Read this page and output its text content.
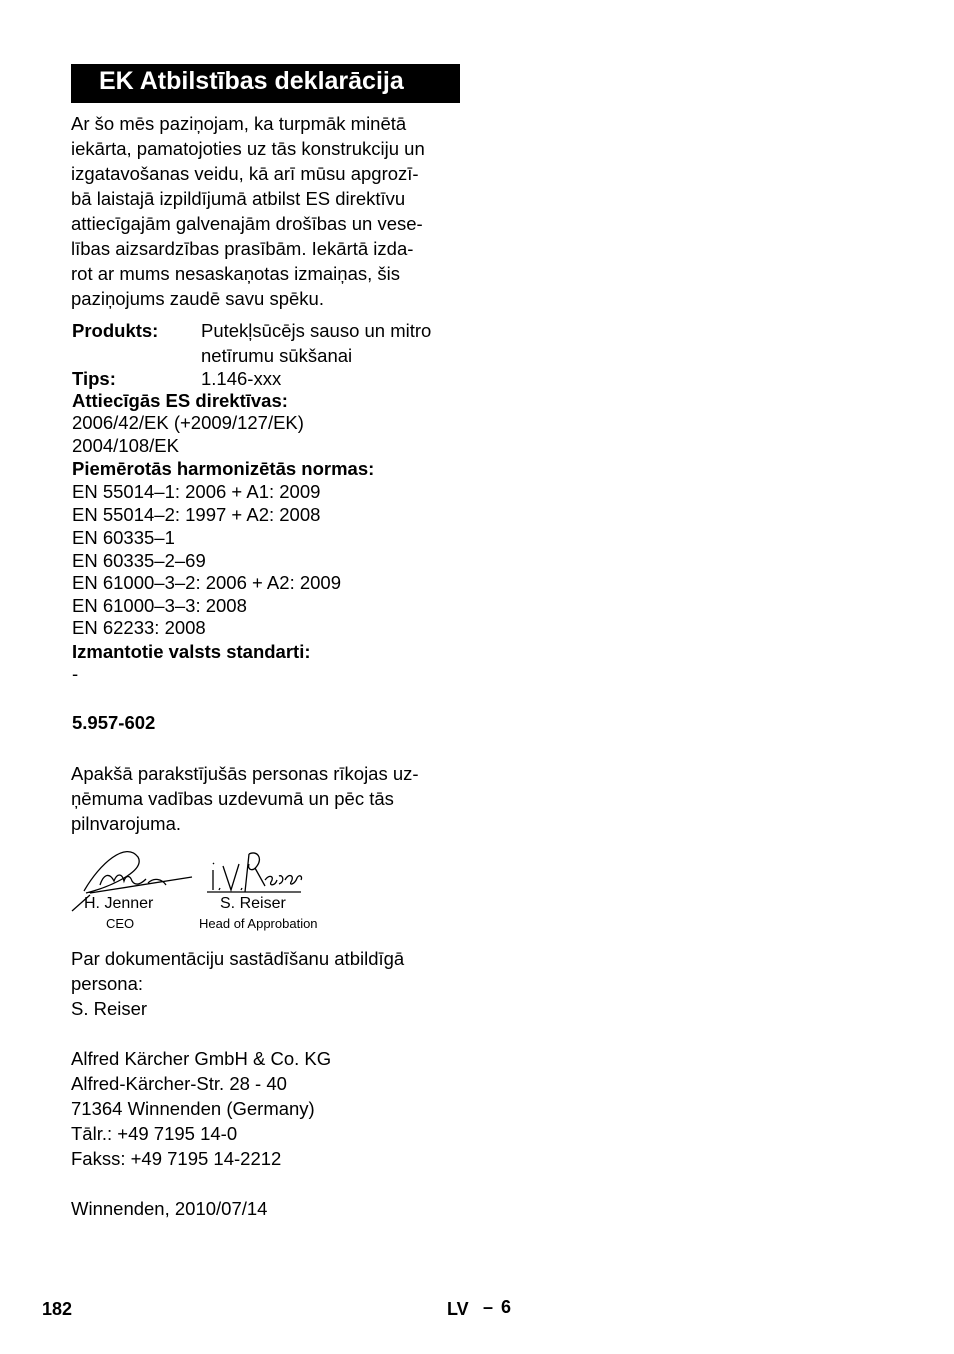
EK Atbilstības deklarācija
Ar šo mēs paziņojam, ka turpmāk minētā
iekārta, pamatojoties uz tās konstrukciju un
izgatavošanas veidu, kā arī mūsu apgrozī-
bā laistajā izpildījumā atbilst ES direktīvu
attiecīgajām galvenajām drošības un vese-
lības aizsardzības prasībām. Iekārtā izda-
rot ar mums nesaskaņotas izmaiņas, šis
paziņojums zaudē savu spēku.
Produkts: Putekļsūcējs sauso un mitro
netīrumu sūkšanai
Tips:	1.146-xxx
Attiecīgās ES direktīvas:
2006/42/EK (+2009/127/EK)
2004/108/EK
Piemērotās harmonizētās normas:
EN 55014–1: 2006 + A1: 2009
EN 55014–2: 1997 + A2: 2008
EN 60335–1
EN 60335–2–69
EN 61000–3–2: 2006 + A2: 2009
EN 61000–3–3: 2008
EN 62233: 2008
Izmantotie valsts standarti:
-
5.957-602
Apakšā parakstījušās personas rīkojas uz-
ņēmuma vadības uzdevumā un pēc tās
pilnvarojuma.
H. Jenner
CEO
S. Reiser
Head of Approbation
Par dokumentāciju sastādīšanu atbildīgā
persona:
S. Reiser
Alfred Kärcher GmbH & Co. KG
Alfred-Kärcher-Str. 28 - 40
71364 Winnenden (Germany)
Tālr.: +49 7195 14-0
Fakss: +49 7195 14-2212
Winnenden, 2010/07/14
182	LV – 6
